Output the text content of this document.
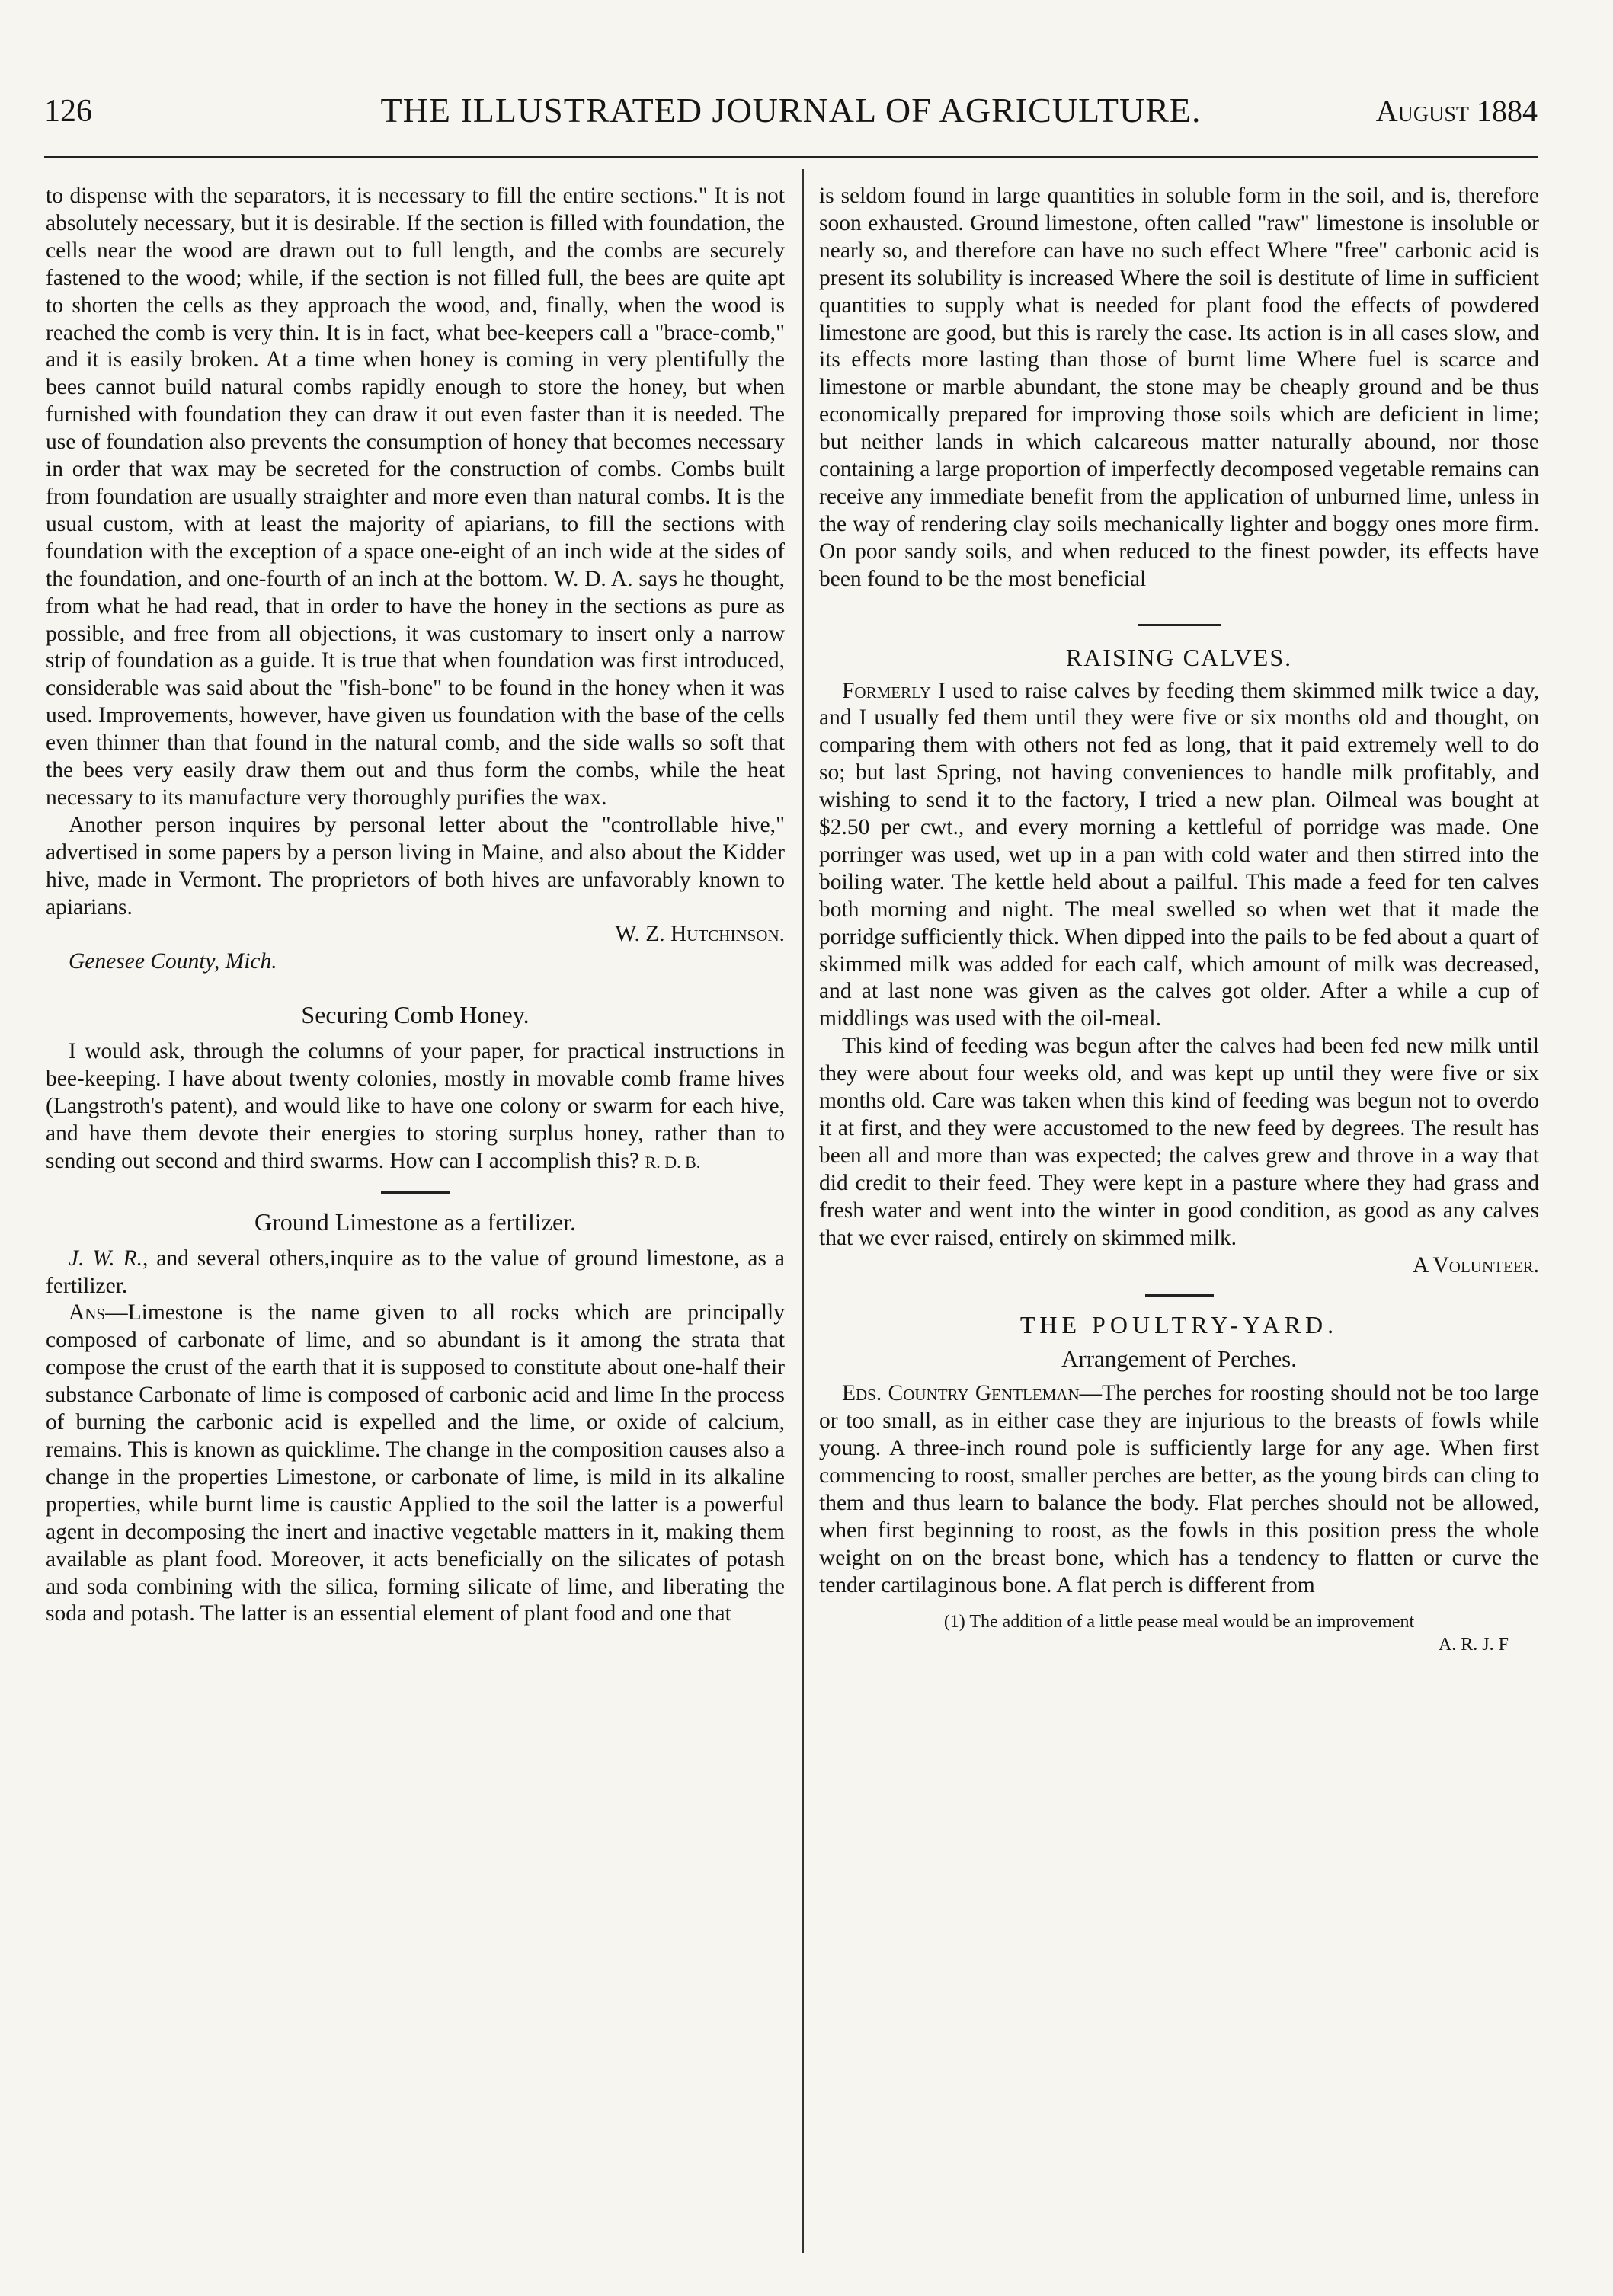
126	THE ILLUSTRATED JOURNAL OF AGRICULTURE.	August 1884

to dispense with the separators, it is necessary to fill the entire sections." It is not absolutely necessary, but it is desirable. If the section is filled with foundation, the cells near the wood are drawn out to full length, and the combs are securely fastened to the wood; while, if the section is not filled full, the bees are quite apt to shorten the cells as they approach the wood, and, finally, when the wood is reached the comb is very thin. It is in fact, what bee-keepers call a "brace-comb," and it is easily broken. At a time when honey is coming in very plentifully the bees cannot build natural combs rapidly enough to store the honey, but when furnished with foundation they can draw it out even faster than it is needed. The use of foundation also prevents the consumption of honey that becomes necessary in order that wax may be secreted for the construction of combs. Combs built from foundation are usually straighter and more even than natural combs. It is the usual custom, with at least the majority of apiarians, to fill the sections with foundation with the exception of a space one-eight of an inch wide at the sides of the foundation, and one-fourth of an inch at the bottom. W. D. A. says he thought, from what he had read, that in order to have the honey in the sections as pure as possible, and free from all objections, it was customary to insert only a narrow strip of foundation as a guide. It is true that when foundation was first introduced, considerable was said about the "fish-bone" to be found in the honey when it was used. Improvements, however, have given us foundation with the base of the cells even thinner than that found in the natural comb, and the side walls so soft that the bees very easily draw them out and thus form the combs, while the heat necessary to its manufacture very thoroughly purifies the wax.

Another person inquires by personal letter about the "controllable hive," advertised in some papers by a person living in Maine, and also about the Kidder hive, made in Vermont. The proprietors of both hives are unfavorably known to apiarians.

W. Z. Hutchinson.
Genesee County, Mich.
Securing Comb Honey.

I would ask, through the columns of your paper, for practical instructions in bee-keeping. I have about twenty colonies, mostly in movable comb frame hives (Langstroth's patent), and would like to have one colony or swarm for each hive, and have them devote their energies to storing surplus honey, rather than to sending out second and third swarms. How can I accomplish this? R. D. B.

Ground Limestone as a fertilizer.

J. W. R., and several others,inquire as to the value of ground limestone, as a fertilizer.

Ans—Limestone is the name given to all rocks which are principally composed of carbonate of lime, and so abundant is it among the strata that compose the crust of the earth that it is supposed to constitute about one-half their substance Carbonate of lime is composed of carbonic acid and lime In the process of burning the carbonic acid is expelled and the lime, or oxide of calcium, remains. This is known as quicklime. The change in the composition causes also a change in the properties Limestone, or carbonate of lime, is mild in its alkaline properties, while burnt lime is caustic Applied to the soil the latter is a powerful agent in decomposing the inert and inactive vegetable matters in it, making them available as plant food. Moreover, it acts beneficially on the silicates of potash and soda combining with the silica, forming silicate of lime, and liberating the soda and potash. The latter is an essential element of plant food and one that

is seldom found in large quantities in soluble form in the soil, and is, therefore soon exhausted. Ground limestone, often called "raw" limestone is insoluble or nearly so, and therefore can have no such effect Where "free" carbonic acid is present its solubility is increased Where the soil is destitute of lime in sufficient quantities to supply what is needed for plant food the effects of powdered limestone are good, but this is rarely the case. Its action is in all cases slow, and its effects more lasting than those of burnt lime Where fuel is scarce and limestone or marble abundant, the stone may be cheaply ground and be thus economically prepared for improving those soils which are deficient in lime; but neither lands in which calcareous matter naturally abound, nor those containing a large proportion of imperfectly decomposed vegetable remains can receive any immediate benefit from the application of unburned lime, unless in the way of rendering clay soils mechanically lighter and boggy ones more firm. On poor sandy soils, and when reduced to the finest powder, its effects have been found to be the most beneficial

RAISING CALVES.

Formerly I used to raise calves by feeding them skimmed milk twice a day, and I usually fed them until they were five or six months old and thought, on comparing them with others not fed as long, that it paid extremely well to do so; but last Spring, not having conveniences to handle milk profitably, and wishing to send it to the factory, I tried a new plan. Oilmeal was bought at $2.50 per cwt., and every morning a kettleful of porridge was made. One porringer was used, wet up in a pan with cold water and then stirred into the boiling water. The kettle held about a pailful. This made a feed for ten calves both morning and night. The meal swelled so when wet that it made the porridge sufficiently thick. When dipped into the pails to be fed about a quart of skimmed milk was added for each calf, which amount of milk was decreased, and at last none was given as the calves got older. After a while a cup of middlings was used with the oil-meal.

This kind of feeding was begun after the calves had been fed new milk until they were about four weeks old, and was kept up until they were five or six months old. Care was taken when this kind of feeding was begun not to overdo it at first, and they were accustomed to the new feed by degrees. The result has been all and more than was expected; the calves grew and throve in a way that did credit to their feed. They were kept in a pasture where they had grass and fresh water and went into the winter in good condition, as good as any calves that we ever raised, entirely on skimmed milk.

A Volunteer.
THE POULTRY-YARD.
Arrangement of Perches.

Eds. Country Gentleman—The perches for roosting should not be too large or too small, as in either case they are injurious to the breasts of fowls while young. A three-inch round pole is sufficiently large for any age. When first commencing to roost, smaller perches are better, as the young birds can cling to them and thus learn to balance the body. Flat perches should not be allowed, when first beginning to roost, as the fowls in this position press the whole weight on on the breast bone, which has a tendency to flatten or curve the tender cartilaginous bone. A flat perch is different from

(1) The addition of a little pease meal would be an improvement
A. R. J. F
